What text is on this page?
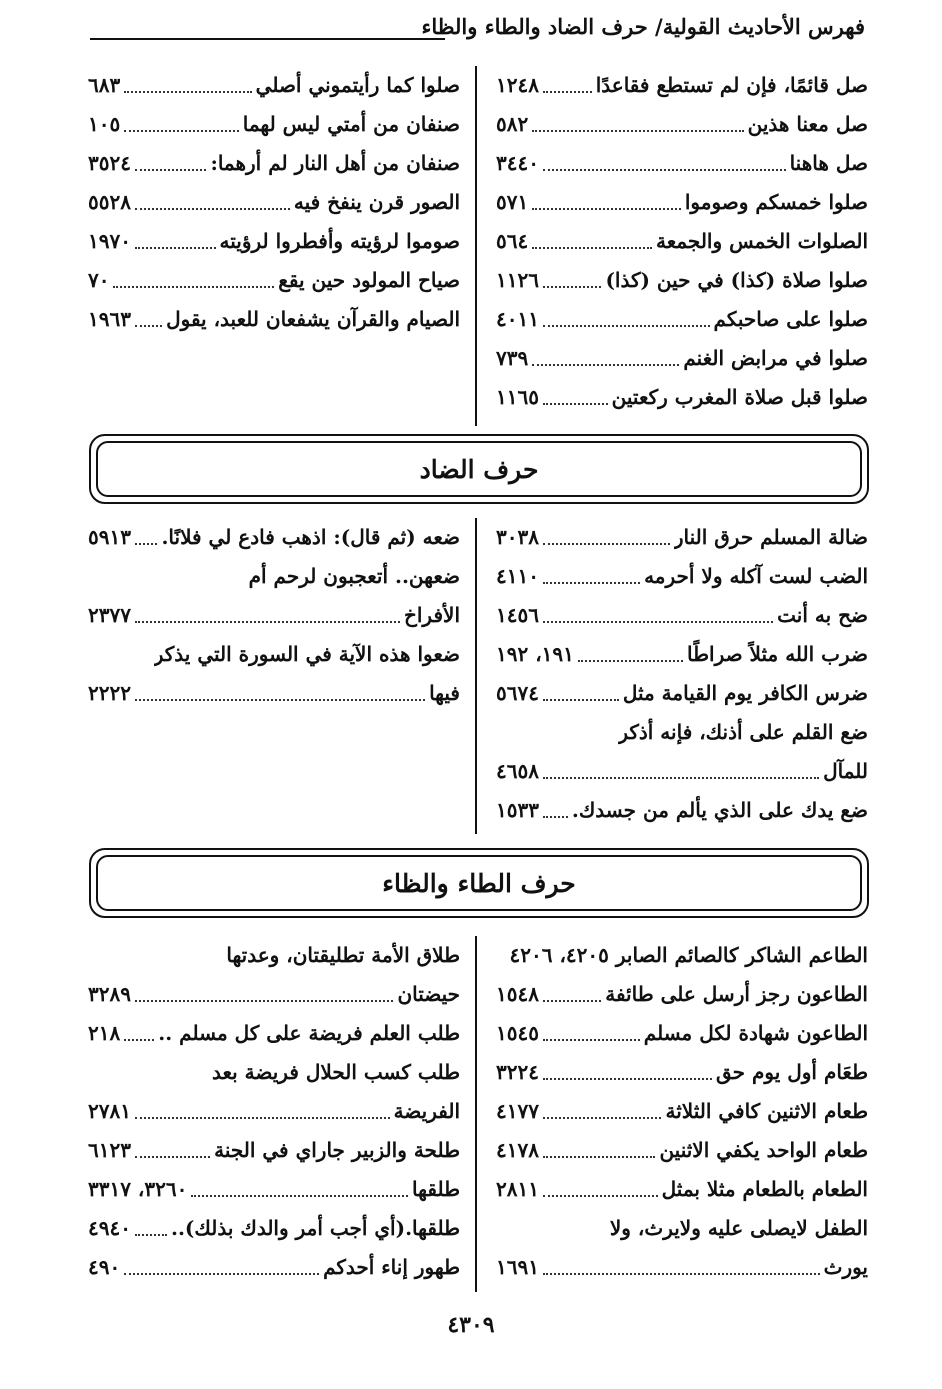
فهرس الأحاديث القولية/ حرف الضاد والطاء والظاء
صل قائمًا، فإن لم تستطع فقاعدًا
١٢٤٨
صل معنا هذين
٥٨٢
صل هاهنا
٣٤٤٠
صلوا خمسكم وصوموا
٥٧١
الصلوات الخمس والجمعة
٥٦٤
صلوا صلاة (كذا) في حين (كذا)
١١٢٦
صلوا على صاحبكم
٤٠١١
صلوا في مرابض الغنم
٧٣٩
صلوا قبل صلاة المغرب ركعتين
١١٦٥
صلوا كما رأيتموني أصلي
٦٨٣
صنفان من أمتي ليس لهما
١٠٥
صنفان من أهل النار لم أرهما:
٣٥٢٤
الصور قرن ينفخ فيه
٥٥٢٨
صوموا لرؤيته وأفطروا لرؤيته
١٩٧٠
صياح المولود حين يقع
٧٠
الصيام والقرآن يشفعان للعبد، يقول
١٩٦٣
حرف الضاد
ضالة المسلم حرق النار
٣٠٣٨
الضب لست آكله ولا أحرمه
٤١١٠
ضح به أنت
١٤٥٦
ضرب الله مثلاً صراطًا
١٩١، ١٩٢
ضرس الكافر يوم القيامة مثل
٥٦٧٤
ضع القلم على أذنك، فإنه أذكر
للمآل
٤٦٥٨
ضع يدك على الذي يألم من جسدك.
١٥٣٣
ضعه (ثم قال): اذهب فادع لي فلانًا.
٥٩١٣
ضعهن.. أتعجبون لرحم أم
الأفراخ
٢٣٧٧
ضعوا هذه الآية في السورة التي يذكر
فيها
٢٢٢٢
حرف الطاء والظاء
الطاعم الشاكر كالصائم الصابر ٤٢٠٥، ٤٢٠٦
الطاعون رجز أرسل على طائفة
١٥٤٨
الطاعون شهادة لكل مسلم
١٥٤٥
طعَام أول يوم حق
٣٢٢٤
طعام الاثنين كافي الثلاثة
٤١٧٧
طعام الواحد يكفي الاثنين
٤١٧٨
الطعام بالطعام مثلا بمثل
٢٨١١
الطفل لايصلى عليه ولايرث، ولا
يورث
١٦٩١
طلاق الأمة تطليقتان، وعدتها
حيضتان
٣٢٨٩
طلب العلم فريضة على كل مسلم ..
٢١٨
طلب كسب الحلال فريضة بعد
الفريضة
٢٧٨١
طلحة والزبير جاراي في الجنة
٦١٢٣
طلقها
٣٢٦٠، ٣٣١٧
طلقها.(أي أجب أمر والدك بذلك)..
٤٩٤٠
طهور إناء أحدكم
٤٩٠
٤٣٠٩
